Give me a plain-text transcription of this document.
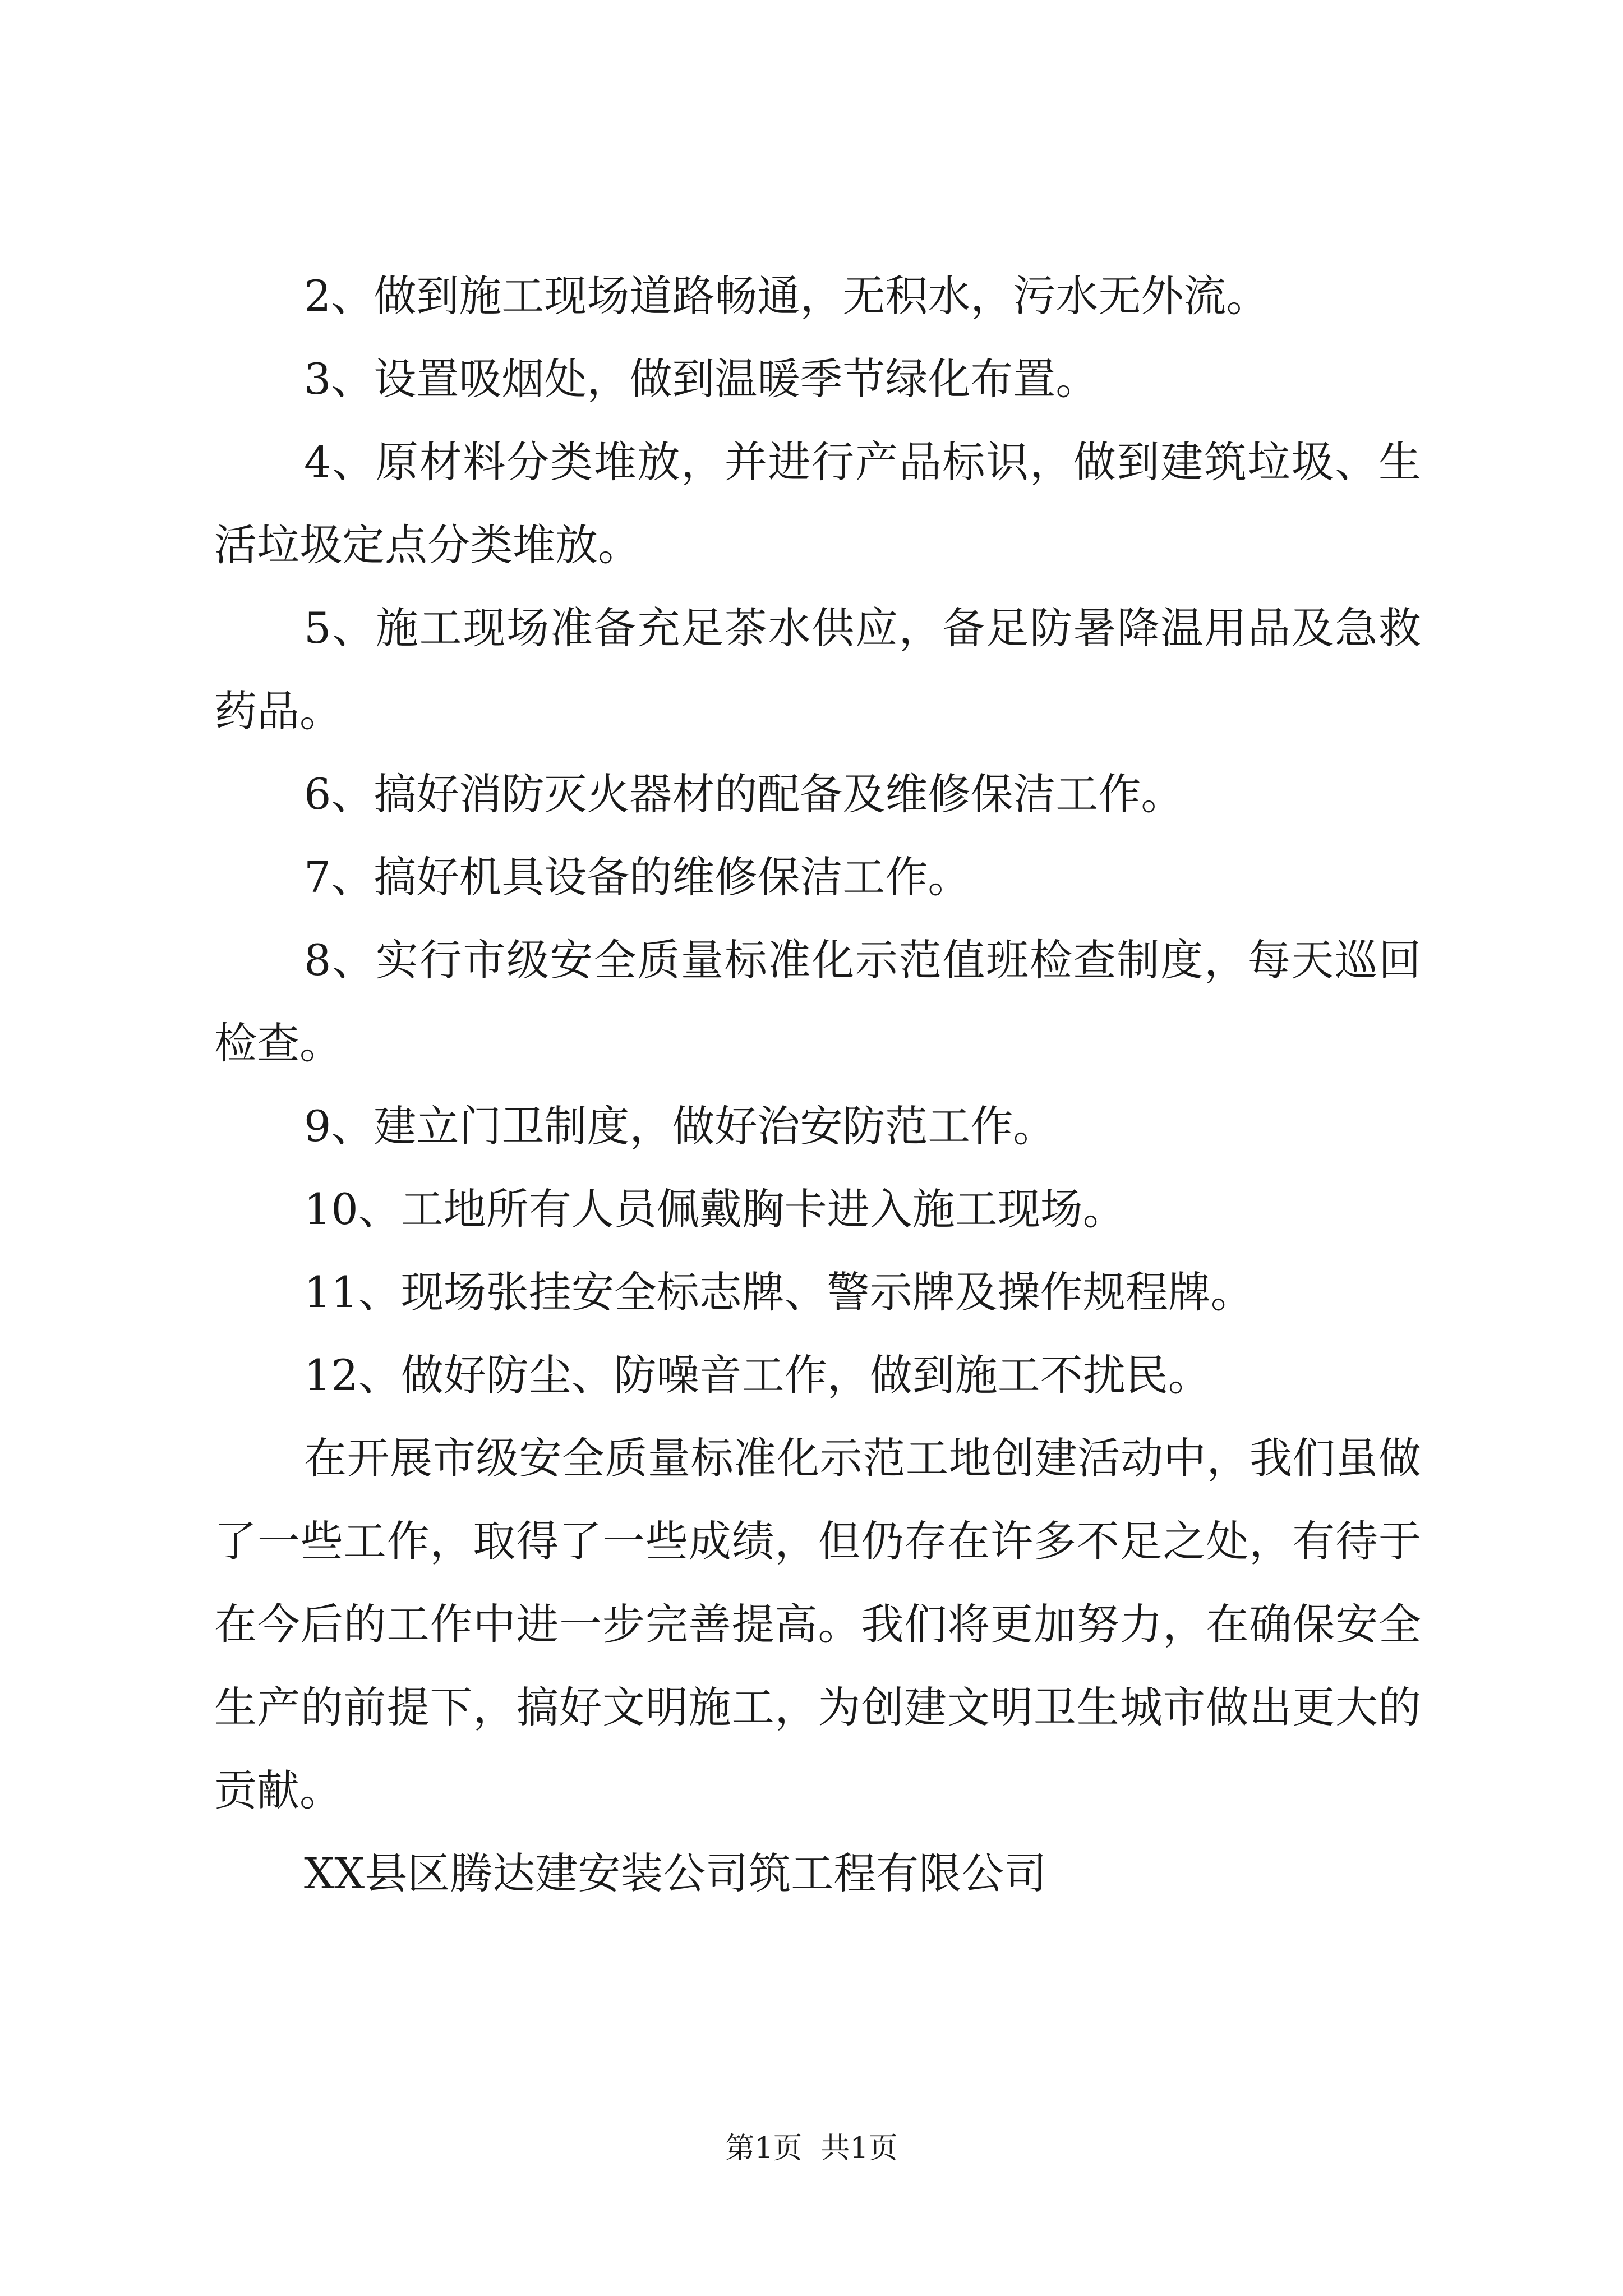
2、做到施工现场道路畅通，无积水，污水无外流。

3、设置吸烟处，做到温暖季节绿化布置。

4、原材料分类堆放，并进行产品标识，做到建筑垃圾、生活垃圾定点分类堆放。

5、施工现场准备充足茶水供应，备足防暑降温用品及急救药品。

6、搞好消防灭火器材的配备及维修保洁工作。

7、搞好机具设备的维修保洁工作。

8、实行市级安全质量标准化示范值班检查制度，每天巡回检查。

9、建立门卫制度，做好治安防范工作。

10、工地所有人员佩戴胸卡进入施工现场。

11、现场张挂安全标志牌、警示牌及操作规程牌。

12、做好防尘、防噪音工作，做到施工不扰民。

在开展市级安全质量标准化示范工地创建活动中，我们虽做了一些工作，取得了一些成绩，但仍存在许多不足之处，有待于在今后的工作中进一步完善提高。我们将更加努力，在确保安全生产的前提下，搞好文明施工，为创建文明卫生城市做出更大的贡献。

XX县区腾达建安装公司筑工程有限公司

第1页  共1页
